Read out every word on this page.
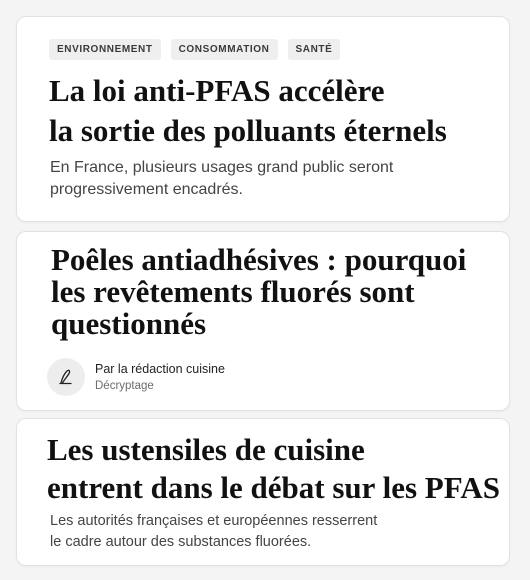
ENVIRONNEMENT	CONSOMMATION	SANTÉ
La loi anti-PFAS accélère
la sortie des polluants éternels

En France, plusieurs usages grand public seront
progressivement encadrés.

Poêles antiadhésives : pourquoi
les revêtements fluorés sont
questionnés
Par la rédaction cuisine
Décryptage
Les ustensiles de cuisine
entrent dans le débat sur les PFAS

Les autorités françaises et européennes resserrent
le cadre autour des substances fluorées.
